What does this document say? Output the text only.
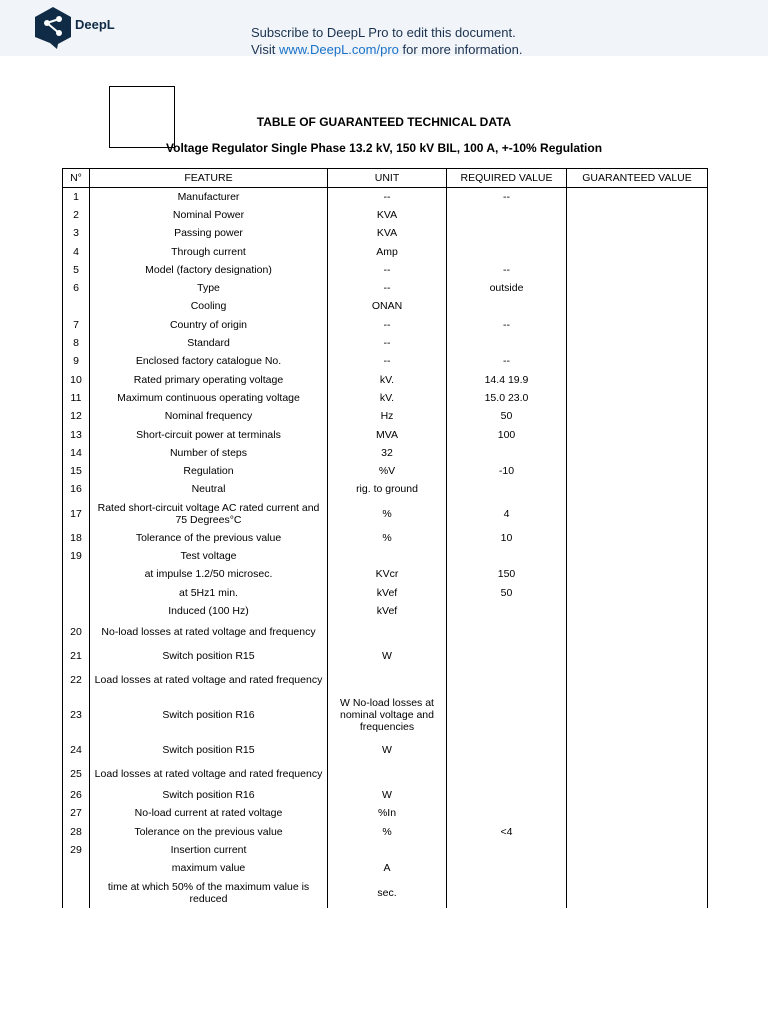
DeepL
Subscribe to DeepL Pro to edit this document.
Visit www.DeepL.com/pro for more information.
TABLE OF GUARANTEED TECHNICAL DATA
Voltage Regulator Single Phase 13.2 kV, 150 kV BIL, 100 A, +-10% Regulation
N°	FEATURE	UNIT	REQUIRED VALUE	GUARANTEED VALUE
1	Manufacturer	--	--	
2	Nominal Power	KVA		
3	Passing power	KVA		
4	Through current	Amp		
5	Model (factory designation)	--	--	
6	Type	--	outside	
	Cooling	ONAN		
7	Country of origin	--	--	
8	Standard	--		
9	Enclosed factory catalogue No.	--	--	
10	Rated primary operating voltage	kV.	14.4 19.9	
11	Maximum continuous operating voltage	kV.	15.0 23.0	
12	Nominal frequency	Hz	50	
13	Short-circuit power at terminals	MVA	100	
14	Number of steps	32		
15	Regulation	%V	-10	
16	Neutral	rig. to ground		
17	Rated short-circuit voltage AC rated current and 75 Degrees°C	%	4	
18	Tolerance of the previous value	%	10	
19	Test voltage			
	at impulse 1.2/50 microsec.	KVcr	150	
	at 5Hz1 min.	kVef	50	
	Induced (100 Hz)	kVef		
20	No-load losses at rated voltage and frequency			
21	Switch position R15	W		
22	Load losses at rated voltage and rated frequency			
23	Switch position R16	W No-load losses at nominal voltage and frequencies		
24	Switch position R15	W		
25	Load losses at rated voltage and rated frequency			
26	Switch position R16	W		
27	No-load current at rated voltage	%In		
28	Tolerance on the previous value	%	<4	
29	Insertion current			
	maximum value	A		
	time at which 50% of the maximum value is reduced	sec.		
